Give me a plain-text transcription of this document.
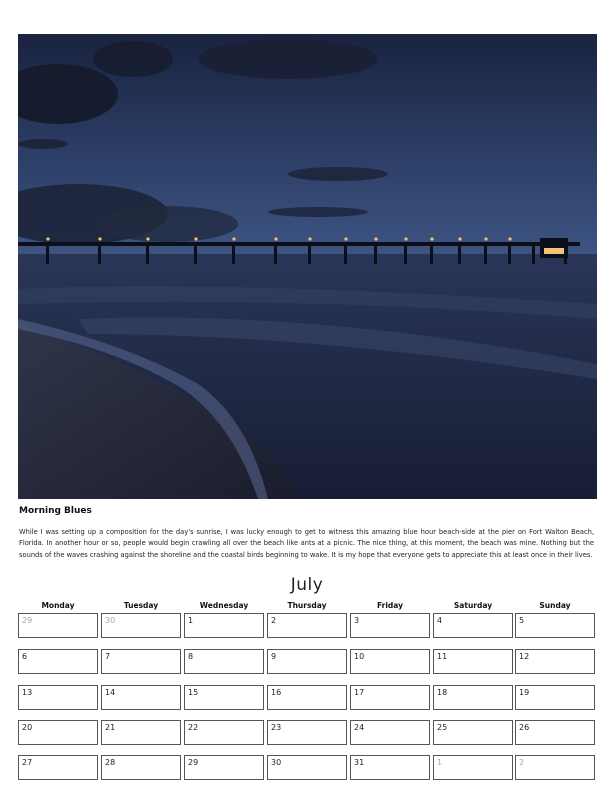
Morning Blues
While I was setting up a composition for the day's sunrise, I was lucky enough to get to witness this amazing blue hour beach-side at the pier on Fort Walton Beach, Florida. In another hour or so, people would begin crawling all over the beach like ants at a picnic. The nice thing, at this moment, the beach was mine. Nothing but the sounds of the waves crashing against the shoreline and the coastal birds beginning to wake. It is my hope that everyone gets to appreciate this at least once in their lives.
July
Monday	Tuesday	Wednesday	Thursday	Friday	Saturday	Sunday
29	30	1	2	3	4	5
6	7	8	9	10	11	12
13	14	15	16	17	18	19
20	21	22	23	24	25	26
27	28	29	30	31	1	2
